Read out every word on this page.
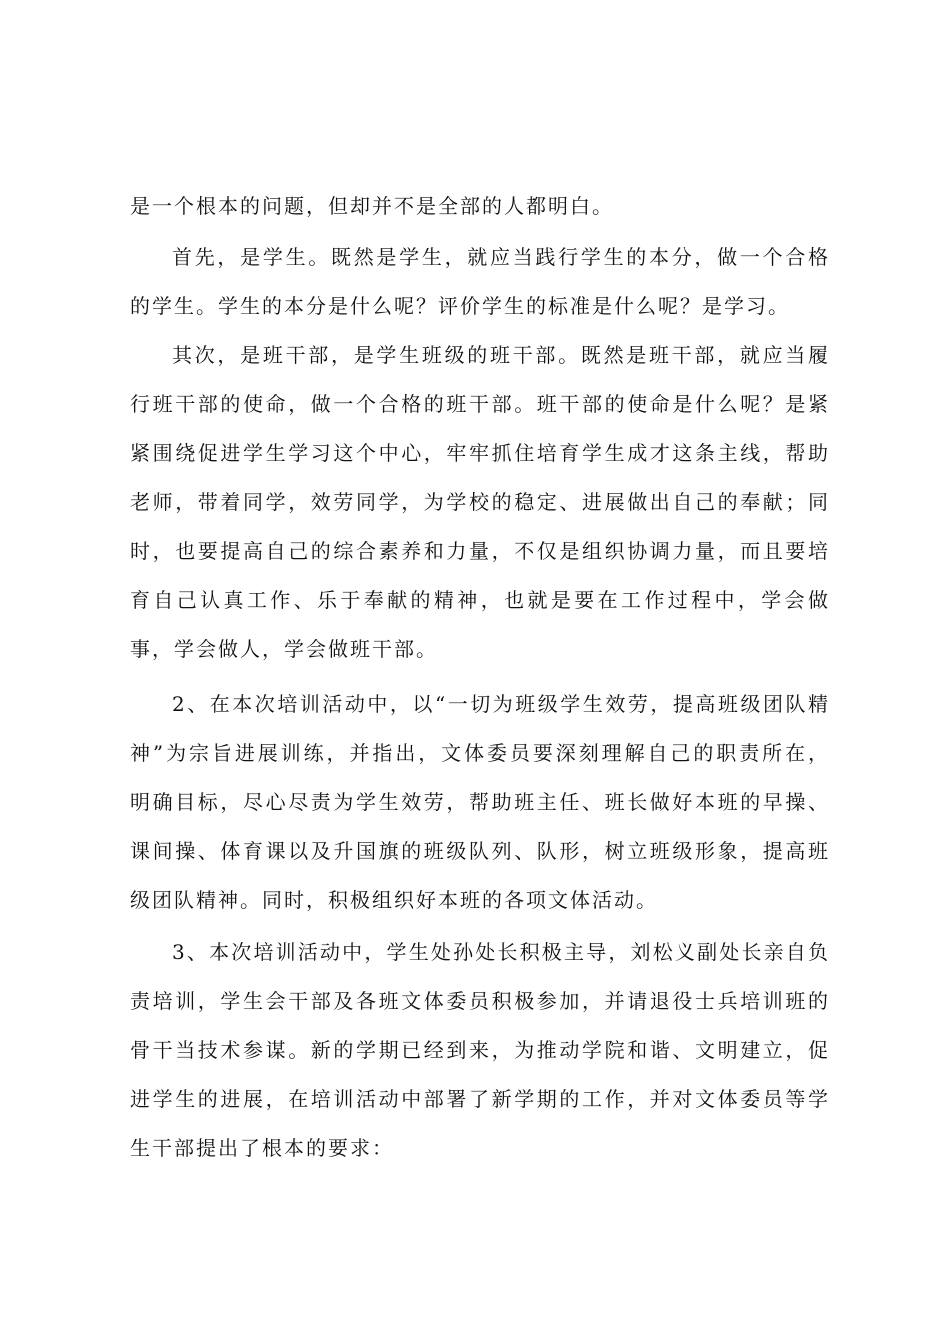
是一个根本的问题，但却并不是全部的人都明白。
首先，是学生。既然是学生，就应当践行学生的本分，做一个合格
的学生。学生的本分是什么呢？评价学生的标准是什么呢？是学习。
其次，是班干部，是学生班级的班干部。既然是班干部，就应当履
行班干部的使命，做一个合格的班干部。班干部的使命是什么呢？是紧
紧围绕促进学生学习这个中心，牢牢抓住培育学生成才这条主线，帮助
老师，带着同学，效劳同学，为学校的稳定、进展做出自己的奉献；同
时，也要提高自己的综合素养和力量，不仅是组织协调力量，而且要培
育自己认真工作、乐于奉献的精神，也就是要在工作过程中，学会做
事，学会做人，学会做班干部。
2、在本次培训活动中，以“一切为班级学生效劳，提高班级团队精
神”为宗旨进展训练，并指出，文体委员要深刻理解自己的职责所在，
明确目标，尽心尽责为学生效劳，帮助班主任、班长做好本班的早操、
课间操、体育课以及升国旗的班级队列、队形，树立班级形象，提高班
级团队精神。同时，积极组织好本班的各项文体活动。
3、本次培训活动中，学生处孙处长积极主导，刘松义副处长亲自负
责培训，学生会干部及各班文体委员积极参加，并请退役士兵培训班的
骨干当技术参谋。新的学期已经到来，为推动学院和谐、文明建立，促
进学生的进展，在培训活动中部署了新学期的工作，并对文体委员等学
生干部提出了根本的要求：
